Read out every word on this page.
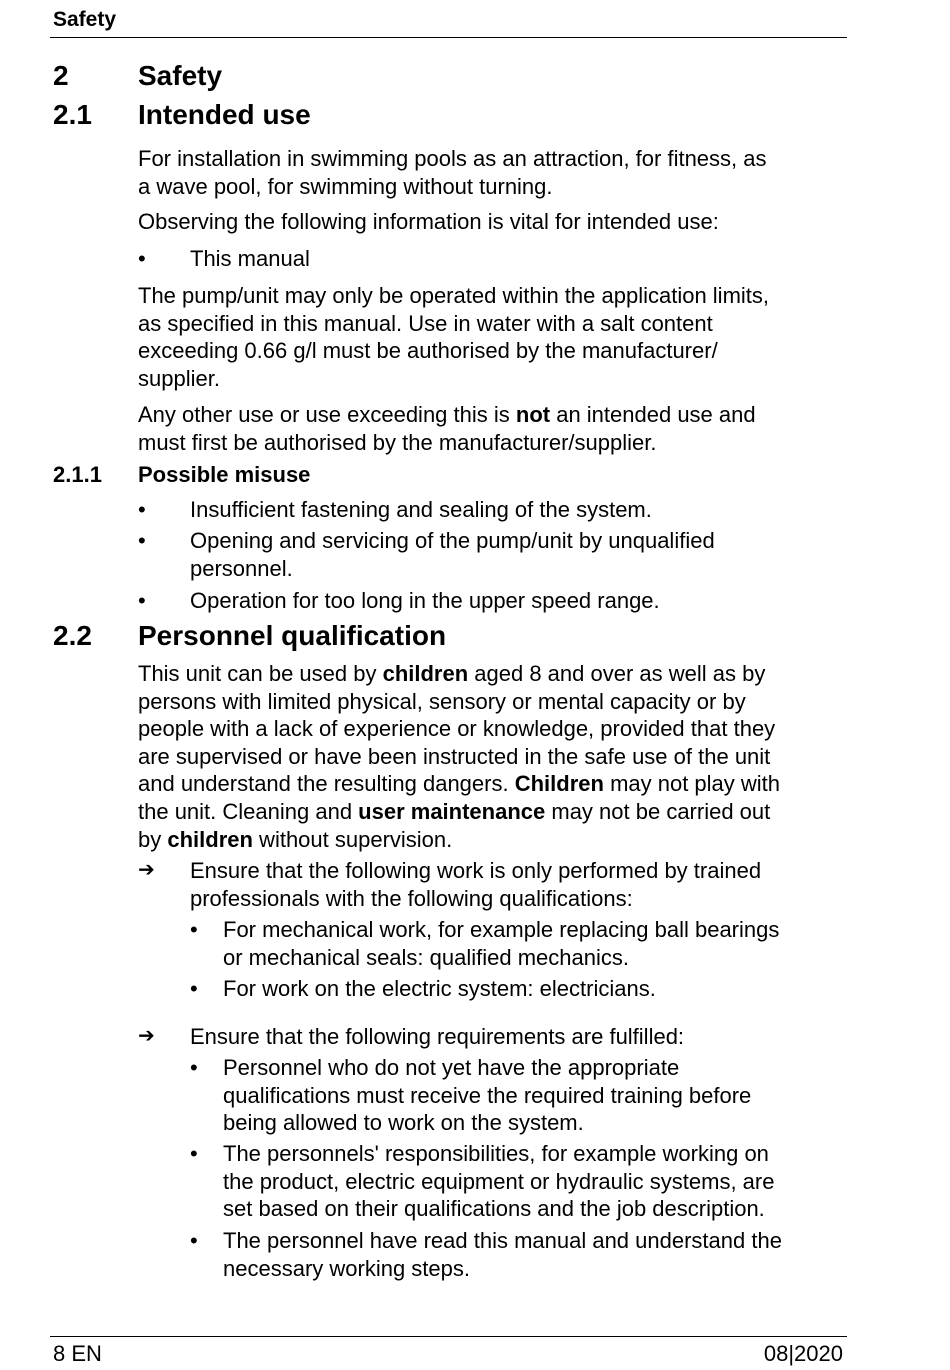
Safety
2 Safety
2.1 Intended use
For installation in swimming pools as an attraction, for fitness, as
a wave pool, for swimming without turning.
Observing the following information is vital for intended use:
• This manual
The pump/unit may only be operated within the application limits,
as specified in this manual. Use in water with a salt content
exceeding 0.66 g/l must be authorised by the manufacturer/
supplier.
Any other use or use exceeding this is not an intended use and
must first be authorised by the manufacturer/supplier.
2.1.1 Possible misuse
• Insufficient fastening and sealing of the system.
• Opening and servicing of the pump/unit by unqualified
personnel.
• Operation for too long in the upper speed range.
2.2 Personnel qualification
This unit can be used by children aged 8 and over as well as by
persons with limited physical, sensory or mental capacity or by
people with a lack of experience or knowledge, provided that they
are supervised or have been instructed in the safe use of the unit
and understand the resulting dangers. Children may not play with
the unit. Cleaning and user maintenance may not be carried out
by children without supervision.
➔ Ensure that the following work is only performed by trained
professionals with the following qualifications:
• For mechanical work, for example replacing ball bearings
or mechanical seals: qualified mechanics.
• For work on the electric system: electricians.
➔ Ensure that the following requirements are fulfilled:
• Personnel who do not yet have the appropriate
qualifications must receive the required training before
being allowed to work on the system.
• The personnels' responsibilities, for example working on
the product, electric equipment or hydraulic systems, are
set based on their qualifications and the job description.
• The personnel have read this manual and understand the
necessary working steps.
8 EN	08|2020
